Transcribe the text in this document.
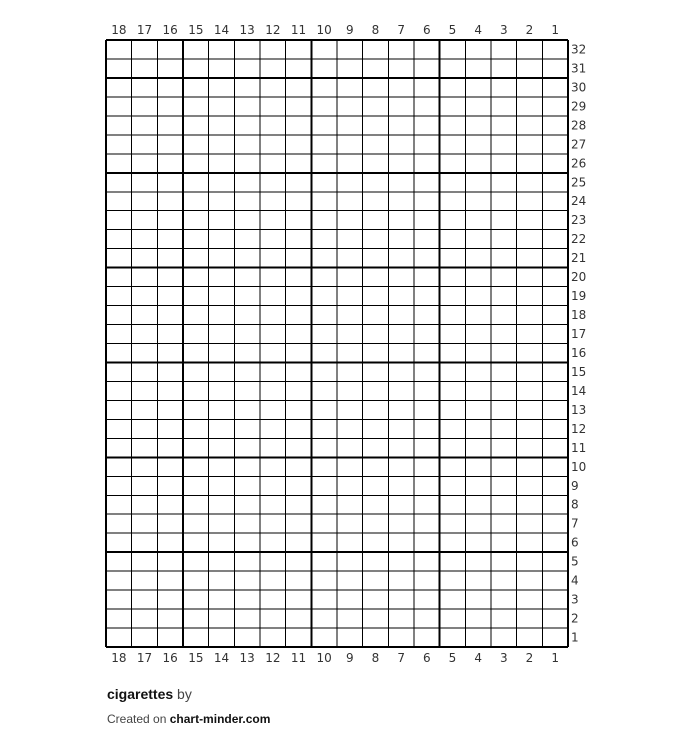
18
18
17
17
16
16
15
15
14
14
13
13
12
12
11
11
10
10
9
9
8
8
7
7
6
6
5
5
4
4
3
3
2
2
1
1
32
31
30
29
28
27
26
25
24
23
22
21
20
19
18
17
16
15
14
13
12
11
10
9
8
7
6
5
4
3
2
1
cigarettes by
Created on chart-minder.com
